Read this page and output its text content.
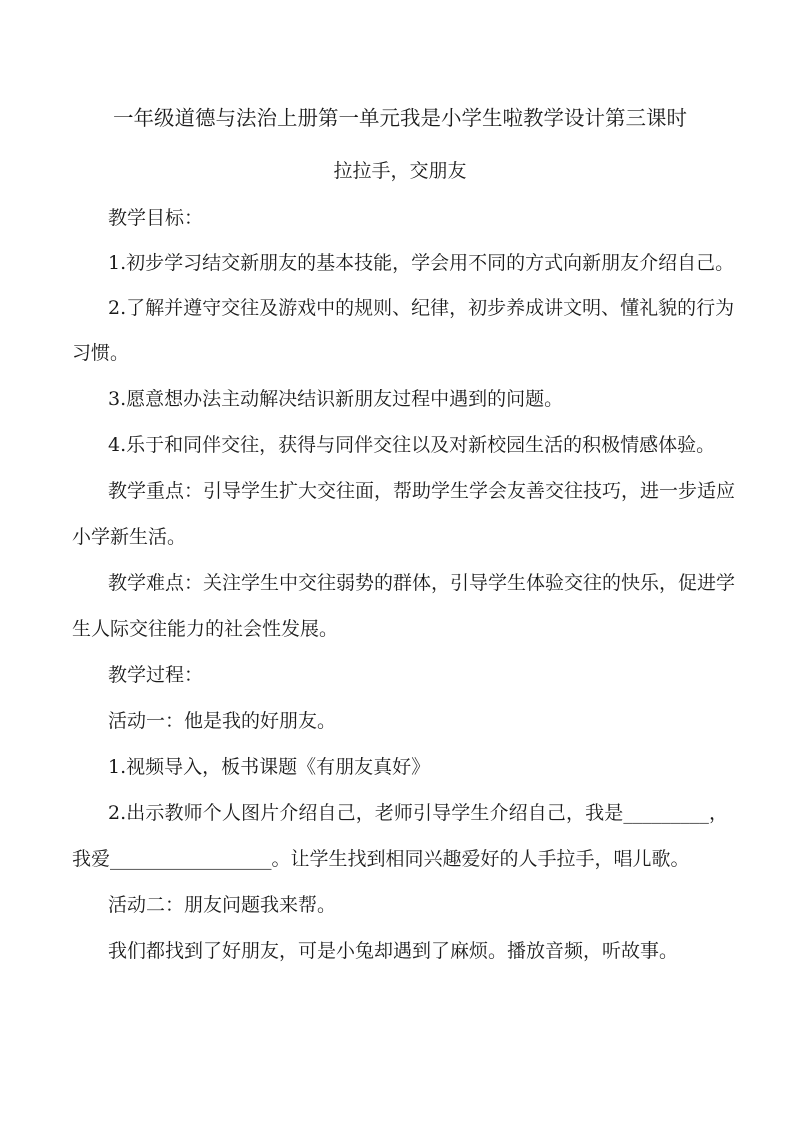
一年级道德与法治上册第一单元我是小学生啦教学设计第三课时
拉拉手，交朋友
教学目标：
1.初步学习结交新朋友的基本技能，学会用不同的方式向新朋友介绍自己。
2.了解并遵守交往及游戏中的规则、纪律，初步养成讲文明、懂礼貌的行为
习惯。
3.愿意想办法主动解决结识新朋友过程中遇到的问题。
4.乐于和同伴交往，获得与同伴交往以及对新校园生活的积极情感体验。
教学重点：引导学生扩大交往面，帮助学生学会友善交往技巧，进一步适应
小学新生活。
教学难点：关注学生中交往弱势的群体，引导学生体验交往的快乐，促进学
生人际交往能力的社会性发展。
教学过程：
活动一：他是我的好朋友。
1.视频导入，板书课题《有朋友真好》
2.出示教师个人图片介绍自己，老师引导学生介绍自己，我是_________，
我爱_________________。让学生找到相同兴趣爱好的人手拉手，唱儿歌。
活动二：朋友问题我来帮。
我们都找到了好朋友，可是小兔却遇到了麻烦。播放音频，听故事。
